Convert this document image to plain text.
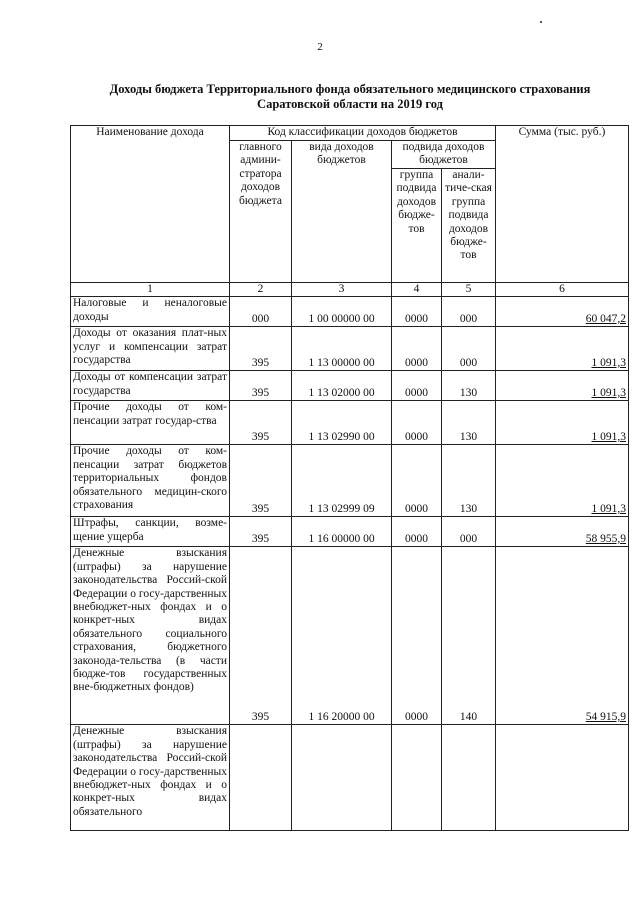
2
Доходы бюджета Территориального фонда обязательного медицинского страхования
Саратовской области на 2019 год
Наименование дохода	Код классификации доходов бюджетов				Сумма (тыс. руб.)
	главного админи-стратора доходов бюджета	вида доходов бюджетов	подвида доходов бюджетов		
			группа подвида доходов бюдже-тов	анали-тиче-ская группа подвида доходов бюдже-тов	
1	2	3	4	5	6
Налоговые и неналоговые доходы	000	1 00 00000 00	0000	000	60 047,2
Доходы от оказания плат-ных услуг и компенсации затрат государства	395	1 13 00000 00	0000	000	1 091,3
Доходы от компенсации затрат государства	395	1 13 02000 00	0000	130	1 091,3
Прочие доходы от ком-пенсации затрат государ-ства	395	1 13 02990 00	0000	130	1 091,3
Прочие доходы от ком-пенсации затрат бюджетов территориальных фондов обязательного медицин-ского страхования	395	1 13 02999 09	0000	130	1 091,3
Штрафы, санкции, возме-щение ущерба	395	1 16 00000 00	0000	000	58 955,9
Денежные взыскания (штрафы) за нарушение законодательства Россий-ской Федерации о госу-дарственных внебюджет-ных фондах и о конкрет-ных видах обязательного социального страхования, бюджетного законода-тельства (в части бюдже-тов государственных вне-бюджетных фондов)	395	1 16 20000 00	0000	140	54 915,9
Денежные взыскания (штрафы) за нарушение законодательства Россий-ской Федерации о госу-дарственных внебюджет-ных фондах и о конкрет-ных видах обязательного					
